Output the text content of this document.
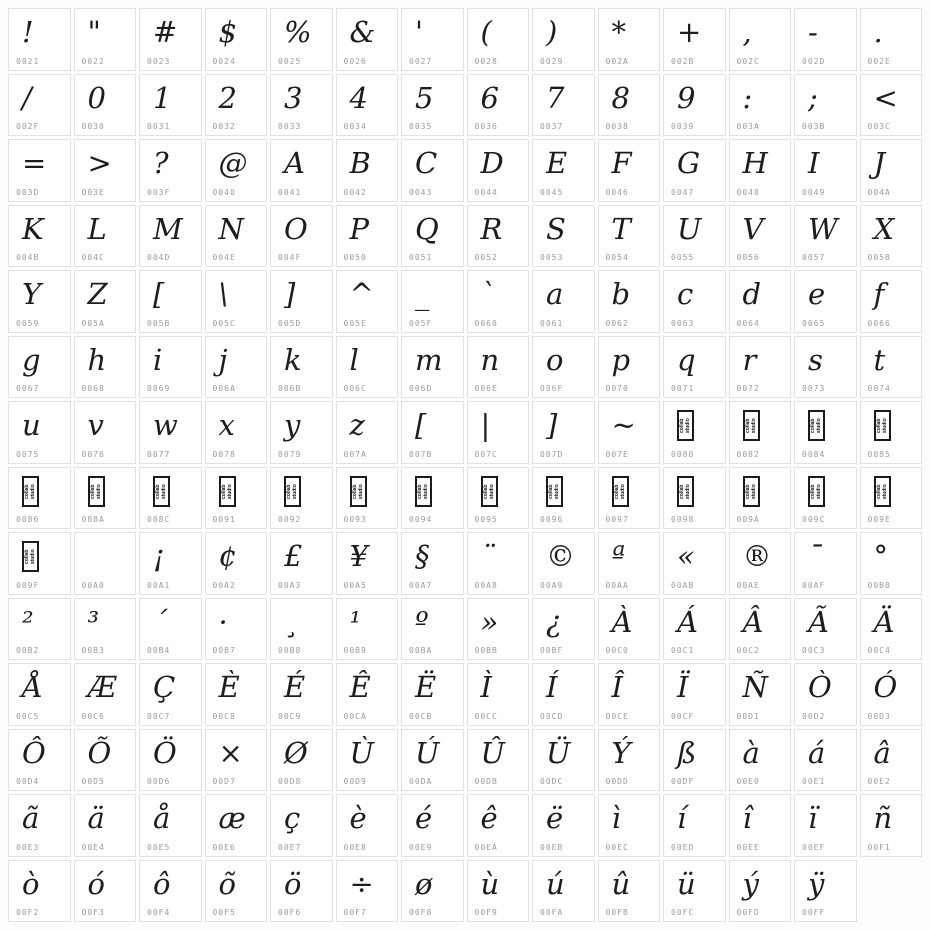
!
0021
"
0022
#
0023
$
0024
%
0025
&
0026
'
0027
(
0028
)
0029
*
002A
+
002B
,
002C
-
002D
.
002E
/
002F
0
0030
1
0031
2
0032
3
0033
4
0034
5
0035
6
0036
7
0037
8
0038
9
0039
:
003A
;
003B
<
003C
=
003D
>
003E
?
003F
@
0040
A
0041
B
0042
C
0043
D
0044
E
0045
F
0046
G
0047
H
0048
I
0049
J
004A
K
004B
L
004C
M
004D
N
004E
O
004F
P
0050
Q
0051
R
0052
S
0053
T
0054
U
0055
V
0056
W
0057
X
0058
Y
0059
Z
005A
[
005B
\
005C
]
005D
^
005E
_
005F
`
0060
a
0061
b
0062
c
0063
d
0064
e
0065
f
0066
g
0067
h
0068
i
0069
j
006A
k
006B
l
006C
m
006D
n
006E
o
006F
p
0070
q
0071
r
0072
s
0073
t
0074
u
0075
v
0076
w
0077
x
0078
y
0079
z
007A
[
007B
|
007C
]
007D
~
007E
collab studio
0080
collab studio
0082
collab studio
0084
collab studio
0085
collab studio
0086
collab studio
008A
collab studio
008C
collab studio
0091
collab studio
0092
collab studio
0093
collab studio
0094
collab studio
0095
collab studio
0096
collab studio
0097
collab studio
0098
collab studio
009A
collab studio
009C
collab studio
009E
collab studio
009F	00A0
¡
00A1
¢
00A2
£
00A3
¥
00A5
§
00A7
¨
00A8
©
00A9
ª
00AA
«
00AB
®
00AE
¯
00AF
°
00B0
²
00B2
³
00B3
´
00B4
·
00B7
¸
00B8
¹
00B9
º
00BA
»
00BB
¿
00BF
À
00C0
Á
00C1
Â
00C2
Ã
00C3
Ä
00C4
Å
00C5
Æ
00C6
Ç
00C7
È
00C8
É
00C9
Ê
00CA
Ë
00CB
Ì
00CC
Í
00CD
Î
00CE
Ï
00CF
Ñ
00D1
Ò
00D2
Ó
00D3
Ô
00D4
Õ
00D5
Ö
00D6
×
00D7
Ø
00D8
Ù
00D9
Ú
00DA
Û
00DB
Ü
00DC
Ý
00DD
ß
00DF
à
00E0
á
00E1
â
00E2
ã
00E3
ä
00E4
å
00E5
æ
00E6
ç
00E7
è
00E8
é
00E9
ê
00EA
ë
00EB
ì
00EC
í
00ED
î
00EE
ï
00EF
ñ
00F1
ò
00F2
ó
00F3
ô
00F4
õ
00F5
ö
00F6
÷
00F7
ø
00F8
ù
00F9
ú
00FA
û
00FB
ü
00FC
ý
00FD
ÿ
00FF
